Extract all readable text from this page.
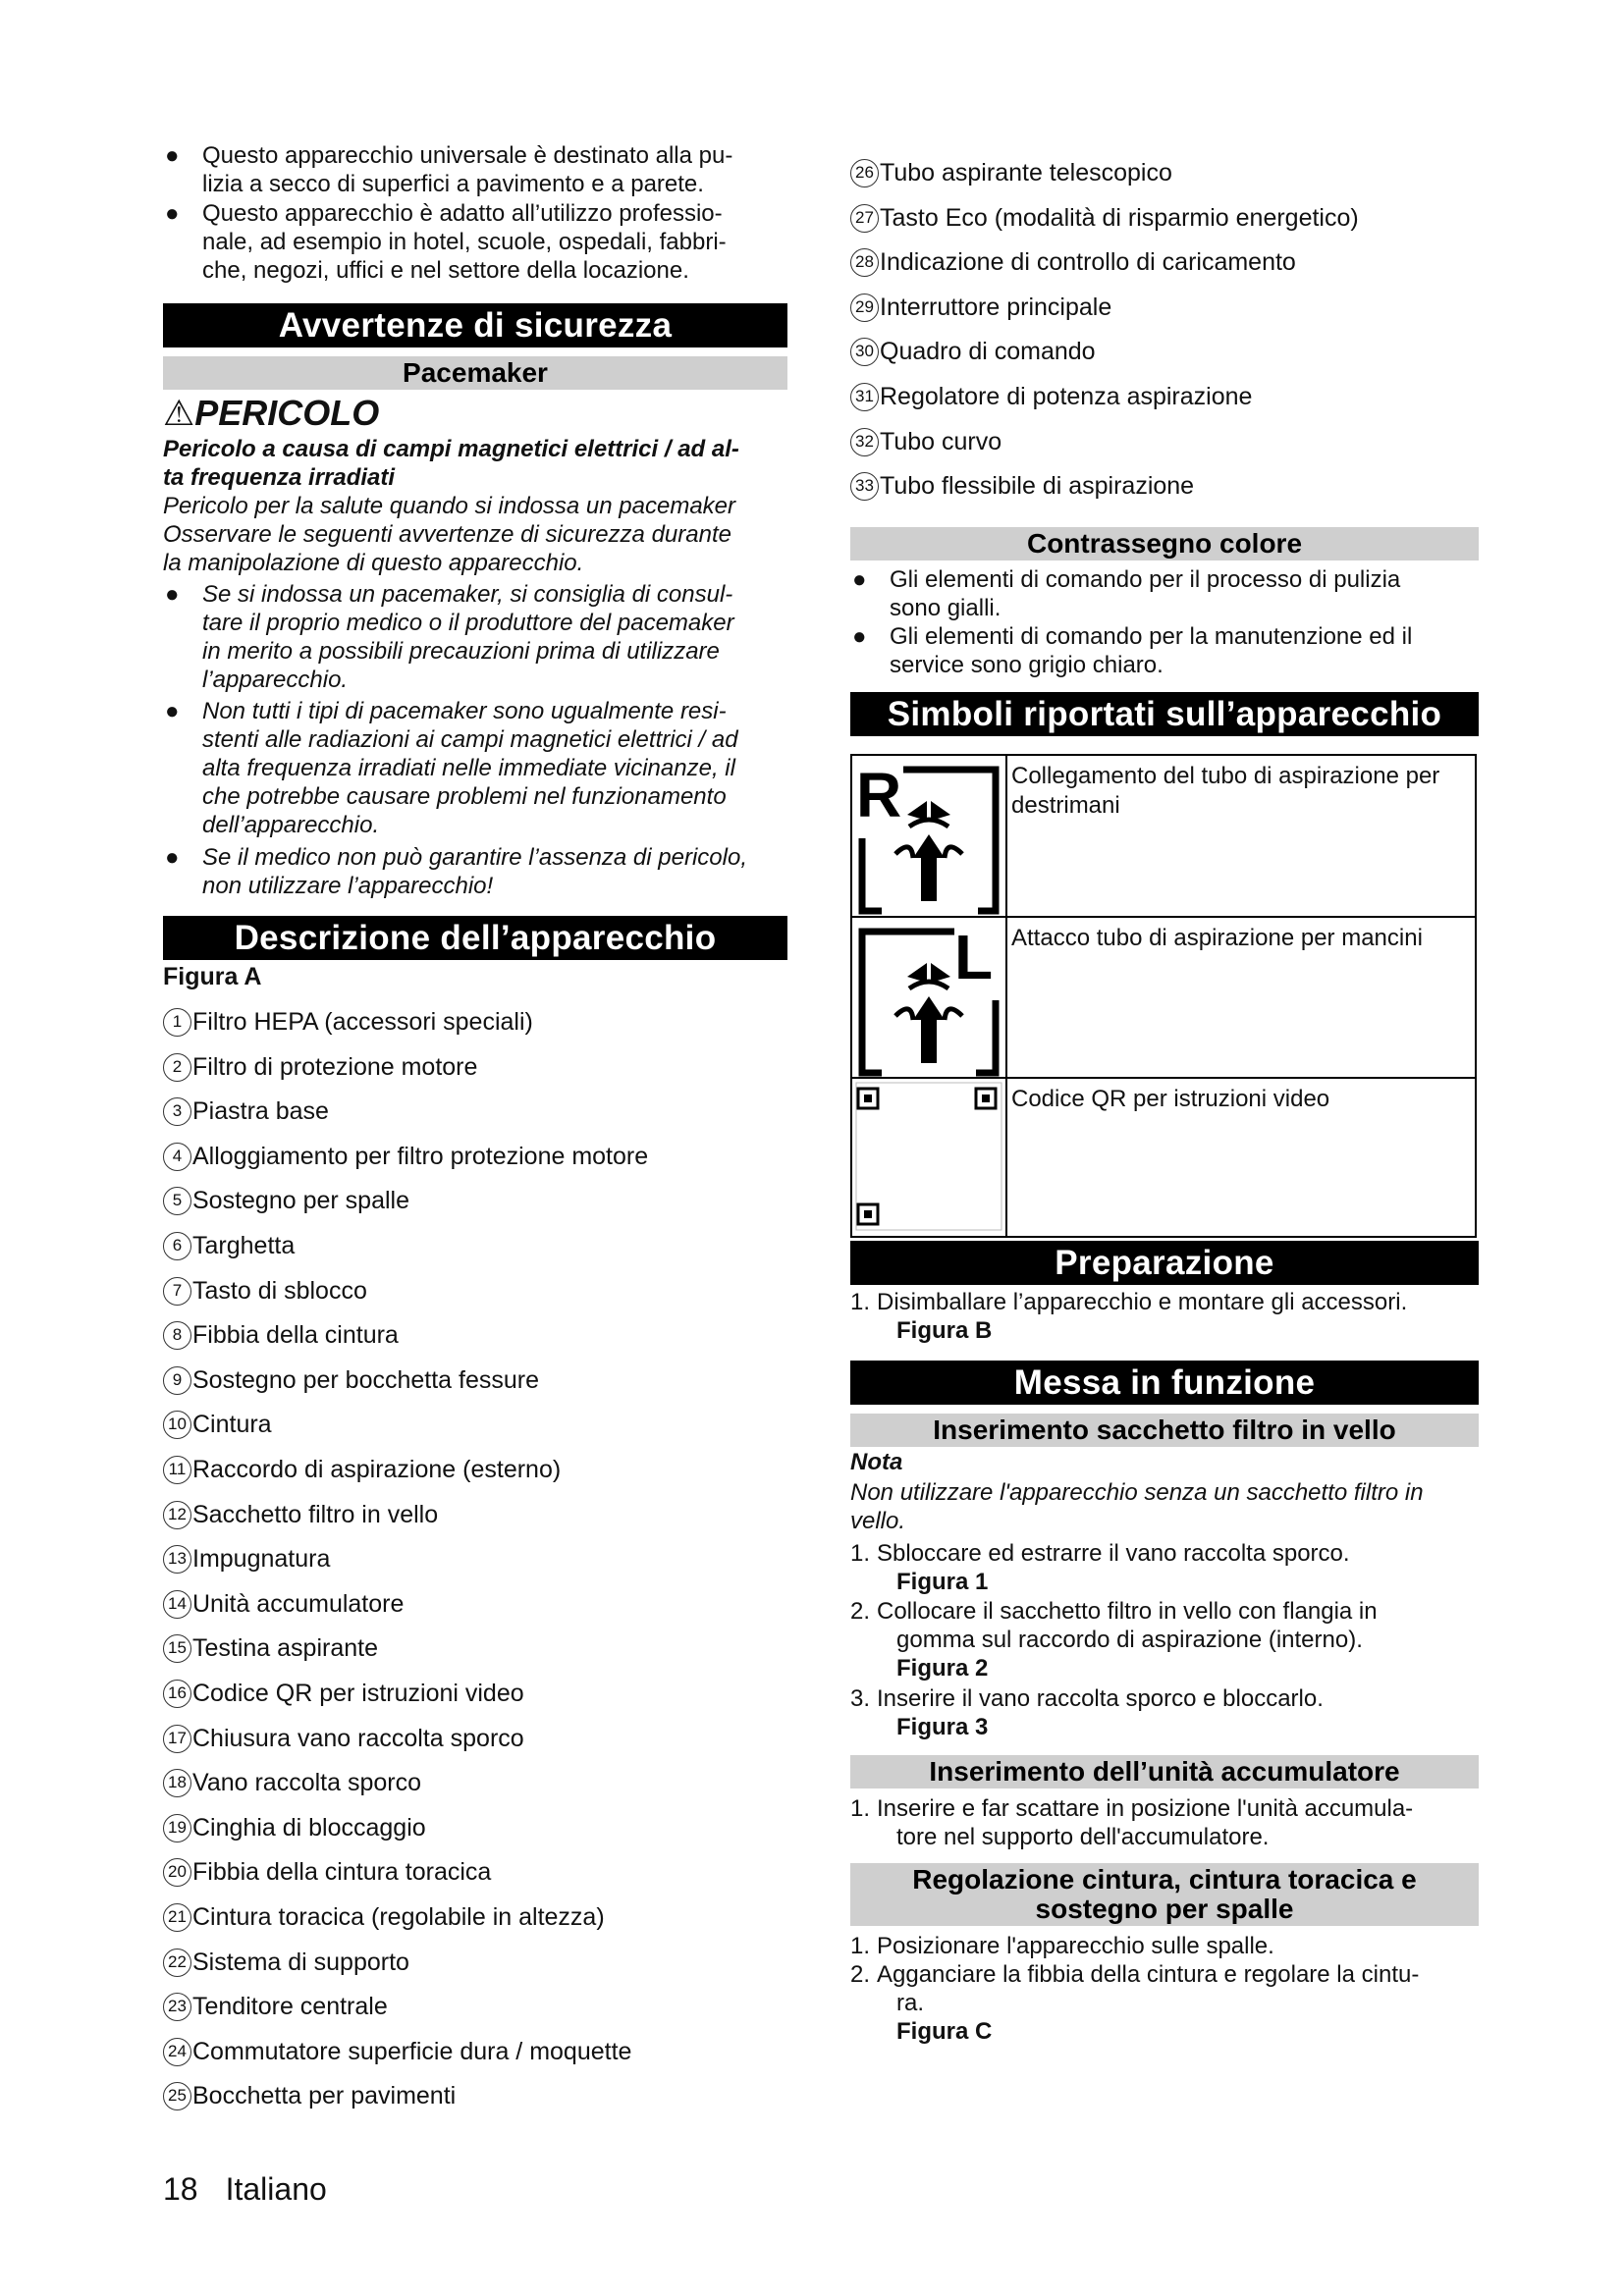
● Questo apparecchio universale è destinato alla pu-
lizia a secco di superfici a pavimento e a parete.
● Questo apparecchio è adatto all’utilizzo professio-
nale, ad esempio in hotel, scuole, ospedali, fabbri-
che, negozi, uffici e nel settore della locazione.
Avvertenze di sicurezza
Pacemaker
⚠PERICOLO
Pericolo a causa di campi magnetici elettrici / ad al-
ta frequenza irradiati
Pericolo per la salute quando si indossa un pacemaker
Osservare le seguenti avvertenze di sicurezza durante
la manipolazione di questo apparecchio.
● Se si indossa un pacemaker, si consiglia di consul-
tare il proprio medico o il produttore del pacemaker
in merito a possibili precauzioni prima di utilizzare
l’apparecchio.
● Non tutti i tipi di pacemaker sono ugualmente resi-
stenti alle radiazioni ai campi magnetici elettrici / ad
alta frequenza irradiati nelle immediate vicinanze, il
che potrebbe causare problemi nel funzionamento
dell’apparecchio.
● Se il medico non può garantire l’assenza di pericolo,
non utilizzare l’apparecchio!
Descrizione dell’apparecchio
Figura A
1 Filtro HEPA (accessori speciali)
2 Filtro di protezione motore
3 Piastra base
4 Alloggiamento per filtro protezione motore
5 Sostegno per spalle
6 Targhetta
7 Tasto di sblocco
8 Fibbia della cintura
9 Sostegno per bocchetta fessure
10 Cintura
11 Raccordo di aspirazione (esterno)
12 Sacchetto filtro in vello
13 Impugnatura
14 Unità accumulatore
15 Testina aspirante
16 Codice QR per istruzioni video
17 Chiusura vano raccolta sporco
18 Vano raccolta sporco
19 Cinghia di bloccaggio
20 Fibbia della cintura toracica
21 Cintura toracica (regolabile in altezza)
22 Sistema di supporto
23 Tenditore centrale
24 Commutatore superficie dura / moquette
25 Bocchetta per pavimenti
18 Italiano
26 Tubo aspirante telescopico
27 Tasto Eco (modalità di risparmio energetico)
28 Indicazione di controllo di caricamento
29 Interruttore principale
30 Quadro di comando
31 Regolatore di potenza aspirazione
32 Tubo curvo
33 Tubo flessibile di aspirazione
Contrassegno colore
● Gli elementi di comando per il processo di pulizia
sono gialli.
● Gli elementi di comando per la manutenzione ed il
service sono grigio chiaro.
Simboli riportati sull’apparecchio
R	Collegamento del tubo di aspirazione per
destrimani
L Attacco tubo di aspirazione per mancini
Codice QR per istruzioni video
Preparazione
1. Disimballare l’apparecchio e montare gli accessori.
Figura B
Messa in funzione
Inserimento sacchetto filtro in vello
Nota
Non utilizzare l'apparecchio senza un sacchetto filtro in
vello.
1. Sbloccare ed estrarre il vano raccolta sporco.
Figura 1
2. Collocare il sacchetto filtro in vello con flangia in
gomma sul raccordo di aspirazione (interno).
Figura 2
3. Inserire il vano raccolta sporco e bloccarlo.
Figura 3
Inserimento dell’unità accumulatore
1. Inserire e far scattare in posizione l'unità accumula-
tore nel supporto dell'accumulatore.
Regolazione cintura, cintura toracica e
sostegno per spalle
1. Posizionare l'apparecchio sulle spalle.
2. Agganciare la fibbia della cintura e regolare la cintu-
ra.
Figura C
